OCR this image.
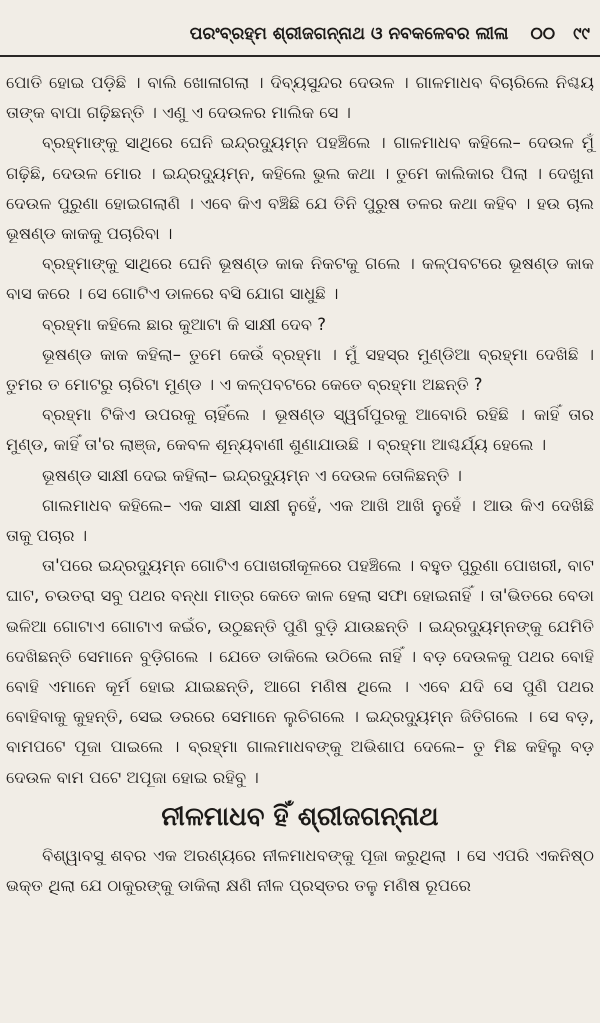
ପରଂବ୍ରହ୍ମ ଶ୍ରୀଜଗନ୍ନାଥ ଓ ନବକଳେବର ଲୀଳା ୦୦ ୯୯

ପୋତି ହୋଇ ପଡ଼ିଛି । ବାଲି ଖୋଳାଗଲା । ଦିବ୍ୟସୁନ୍ଦର ଦେଉଳ । ଗାଳମାଧବ ବିଚାରିଲେ ନିଶ୍ଚୟ ତାଙ୍କ ବାପା ଗଢ଼ିଛନ୍ତି । ଏଣୁ ଏ ଦେଉଳର ମାଲିକ ସେ ।

ବ୍ରହ୍ମାଙ୍କୁ ସାଥିରେ ଘେନି ଇନ୍ଦ୍ରଦ୍ୟୁମ୍ନ ପହଞ୍ଚିଲେ । ଗାଳମାଧବ କହିଲେ– ଦେଉଳ ମୁଁ ଗଢ଼ିଛି, ଦେଉଳ ମୋର । ଇନ୍ଦ୍ରଦ୍ୟୁମ୍ନ, କହିଲେ ଭୁଲ କଥା । ତୁମେ କାଲିକାର ପିଲା । ଦେଖୁନା ଦେଉଳ ପୁରୁଣା ହୋଇଗଲାଣି । ଏବେ କିଏ ବଞ୍ଚିଛି ଯେ ତିନି ପୁରୁଷ ତଳର କଥା କହିବ । ହଉ ଚାଲ ଭୂଷଣ୍ଡ କାକକୁ ପଚାରିବା ।

ବ୍ରହ୍ମାଙ୍କୁ ସାଥିରେ ଘେନି ଭୂଷଣ୍ଡ କାକ ନିକଟକୁ ଗଲେ । କଳ୍ପବଟରେ ଭୂଷଣ୍ଡ କାକ ବାସ କରେ । ସେ ଗୋଟିଏ ଡାଳରେ ବସି ଯୋଗ ସାଧୁଛି ।

ବ୍ରହ୍ମା କହିଲେ ଛାର କୁଆଟା କି ସାକ୍ଷୀ ଦେବ ?

ଭୂଷଣ୍ଡ କାକ କହିଲା– ତୁମେ କେଉଁ ବ୍ରହ୍ମା । ମୁଁ ସହସ୍ର ମୁଣ୍ଡିଆ ବ୍ରହ୍ମା ଦେଖିଛି । ତୁମର ତ ମୋଟରୁ ଚାରିଟା ମୁଣ୍ଡ । ଏ କଳ୍ପବଟରେ କେତେ ବ୍ରହ୍ମା ଅଛନ୍ତି ?

ବ୍ରହ୍ମା ଟିକିଏ ଉପରକୁ ଚାହିଁଲେ । ଭୂଷଣ୍ଡ ସ୍ୱର୍ଗପୁରକୁ ଆବୋରି ରହିଛି । କାହିଁ ତାର ମୁଣ୍ଡ, କାହିଁ ତା'ର ଲାଞ୍ଜ, କେବଳ ଶୂନ୍ୟବାଣୀ ଶୁଣାଯାଉଛି । ବ୍ରହ୍ମା ଆଶ୍ଚର୍ଯ୍ୟ ହେଲେ ।

ଭୂଷଣ୍ଡ ସାକ୍ଷୀ ଦେଇ କହିଲା– ଇନ୍ଦ୍ରଦ୍ୟୁମ୍ନ ଏ ଦେଉଳ ତୋଳିଛନ୍ତି ।

ଗାଲମାଧବ କହିଲେ– ଏକ ସାକ୍ଷୀ ସାକ୍ଷୀ ନୁହେଁ, ଏକ ଆଖି ଆଖି ନୁହେଁ । ଆଉ କିଏ ଦେଖିଛି ତାକୁ ପଚାର ।

ତା'ପରେ ଇନ୍ଦ୍ରଦ୍ୟୁମ୍ନ ଗୋଟିଏ ପୋଖରୀକୂଳରେ ପହଞ୍ଚିଲେ । ବହୁତ ପୁରୁଣା ପୋଖରୀ, ବାଟ ଘାଟ, ଚଉତରା ସବୁ ପଥର ବନ୍ଧା ମାତ୍ର କେତେ କାଳ ହେଲା ସଫା ହୋଇନାହିଁ । ତା'ଭିତରେ ବେଡା ଭଳିଆ ଗୋଟାଏ ଗୋଟାଏ କଇଁଚ, ଉଠୁଛନ୍ତି ପୁଣି ବୁଡ଼ି ଯାଉଛନ୍ତି । ଇନ୍ଦ୍ରଦ୍ୟୁମ୍ନଙ୍କୁ ଯେମିତି ଦେଖିଛନ୍ତି ସେମାନେ ବୁଡ଼ିଗଲେ । ଯେତେ ଡାକିଲେ ଉଠିଲେ ନାହିଁ । ବଡ଼ ଦେଉଳକୁ ପଥର ବୋହି ବୋହି ଏମାନେ କୂର୍ମ ହୋଇ ଯାଇଛନ୍ତି, ଆଗେ ମଣିଷ ଥିଲେ । ଏବେ ଯଦି ସେ ପୁଣି ପଥର ବୋହିବାକୁ କୁହନ୍ତି, ସେଇ ଡରରେ ସେମାନେ ଲୁଚିଗଲେ । ଇନ୍ଦ୍ରଦ୍ୟୁମ୍ନ ଜିତିଗଲେ । ସେ ବଡ଼, ବାମପଟେ ପୂଜା ପାଇଲେ । ବ୍ରହ୍ମା ଗାଲମାଧବଙ୍କୁ ଅଭିଶାପ ଦେଲେ– ତୁ ମିଛ କହିଲୁ ବଡ଼ ଦେଉଳ ବାମ ପଟେ ଅପୂଜା ହୋଇ ରହିବୁ ।

ନୀଳମାଧବ ହିଁ ଶ୍ରୀଜଗନ୍ନାଥ

ବିଶ୍ୱାବସୁ ଶବର ଏକ ଅରଣ୍ୟରେ ନୀଳମାଧବଙ୍କୁ ପୂଜା କରୁଥିଲା । ସେ ଏପରି ଏକନିଷ୍ଠ ଭକ୍ତ ଥିଲା ଯେ ଠାକୁରଙ୍କୁ ଡାକିଲା କ୍ଷଣି ନୀଳ ପ୍ରସ୍ତର ତଳୁ ମଣିଷ ରୂପରେ
